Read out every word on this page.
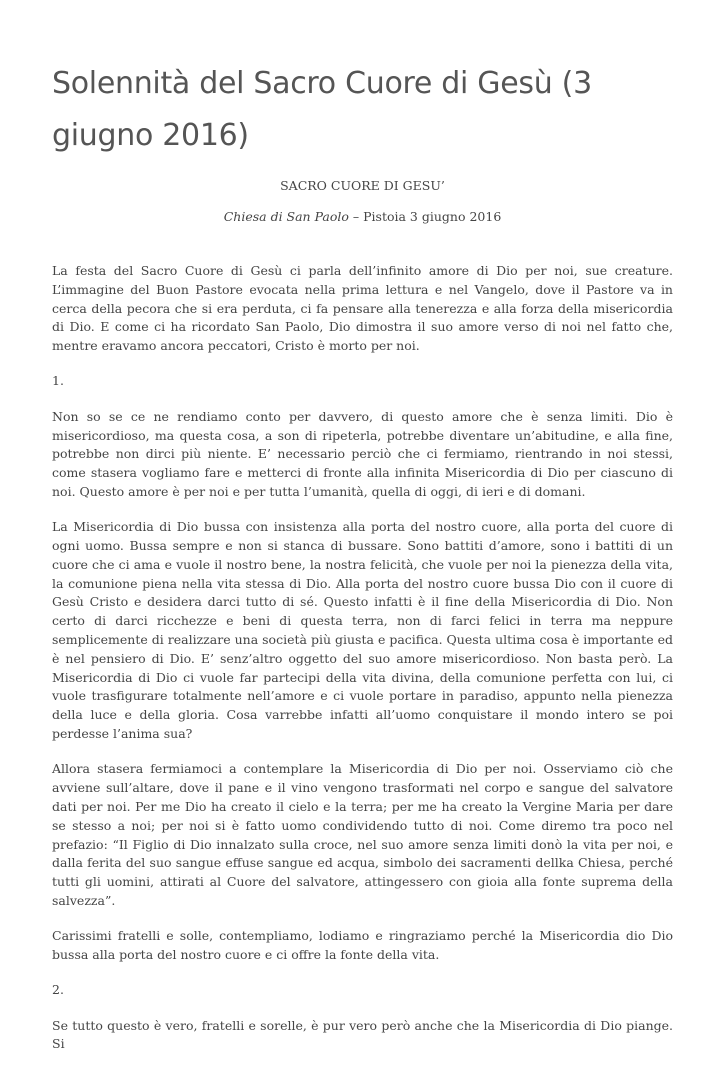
Solennità del Sacro Cuore di Gesù (3 giugno 2016)

SACRO CUORE DI GESU’

Chiesa di San Paolo – Pistoia 3 giugno 2016

La festa del Sacro Cuore di Gesù ci parla dell’infinito amore di Dio per noi, sue creature. L’immagine del Buon Pastore evocata nella prima lettura e nel Vangelo, dove il Pastore va in cerca della pecora che si era perduta, ci fa pensare alla tenerezza e alla forza della misericordia di Dio. E come ci ha ricordato San Paolo, Dio dimostra il suo amore verso di noi nel fatto che, mentre eravamo ancora peccatori, Cristo è morto per noi.

1.

Non so se ce ne rendiamo conto per davvero, di questo amore che è senza limiti. Dio è misericordioso, ma questa cosa, a son di ripeterla, potrebbe diventare un’abitudine, e alla fine, potrebbe non dirci più niente. E’ necessario perciò che ci fermiamo, rientrando in noi stessi, come stasera vogliamo fare e metterci di fronte alla infinita Misericordia di Dio per ciascuno di noi. Questo amore è per noi e per tutta l’umanità, quella di oggi, di ieri e di domani.

La Misericordia di Dio bussa con insistenza alla porta del nostro cuore, alla porta del cuore di ogni uomo. Bussa sempre e non si stanca di bussare. Sono battiti d’amore, sono i battiti di un cuore che ci ama e vuole il nostro bene, la nostra felicità, che vuole per noi la pienezza della vita, la comunione piena nella vita stessa di Dio. Alla porta del nostro cuore bussa Dio con il cuore di Gesù Cristo e desidera darci tutto di sé. Questo infatti è il fine della Misericordia di Dio. Non certo di darci ricchezze e beni di questa terra, non di farci felici in terra ma neppure semplicemente di realizzare una società più giusta e pacifica. Questa ultima cosa è importante ed è nel pensiero di Dio. E’ senz’altro oggetto del suo amore misericordioso. Non basta però. La Misericordia di Dio ci vuole far partecipi della vita divina, della comunione perfetta con lui, ci vuole trasfigurare totalmente nell’amore e ci vuole portare in paradiso, appunto nella pienezza della luce e della gloria. Cosa varrebbe infatti all’uomo conquistare il mondo intero se poi perdesse l’anima sua?

Allora stasera fermiamoci a contemplare la Misericordia di Dio per noi. Osserviamo ciò che avviene sull’altare, dove il pane e il vino vengono trasformati nel corpo e sangue del salvatore dati per noi. Per me Dio ha creato il cielo e la terra; per me ha creato la Vergine Maria per dare se stesso a noi; per noi si è fatto uomo condividendo tutto di noi. Come diremo tra poco nel prefazio: “Il Figlio di Dio innalzato sulla croce, nel suo amore senza limiti donò la vita per noi, e dalla ferita del suo sangue effuse sangue ed acqua, simbolo dei sacramenti dellka Chiesa, perché tutti gli uomini, attirati al Cuore del salvatore, attingessero con gioia alla fonte suprema della salvezza”.

Carissimi fratelli e solle, contempliamo, lodiamo e ringraziamo perché la Misericordia dio Dio bussa alla porta del nostro cuore e ci offre la fonte della vita.

2.

Se tutto questo è vero, fratelli e sorelle, è pur vero però anche che la Misericordia di Dio piange. Si
